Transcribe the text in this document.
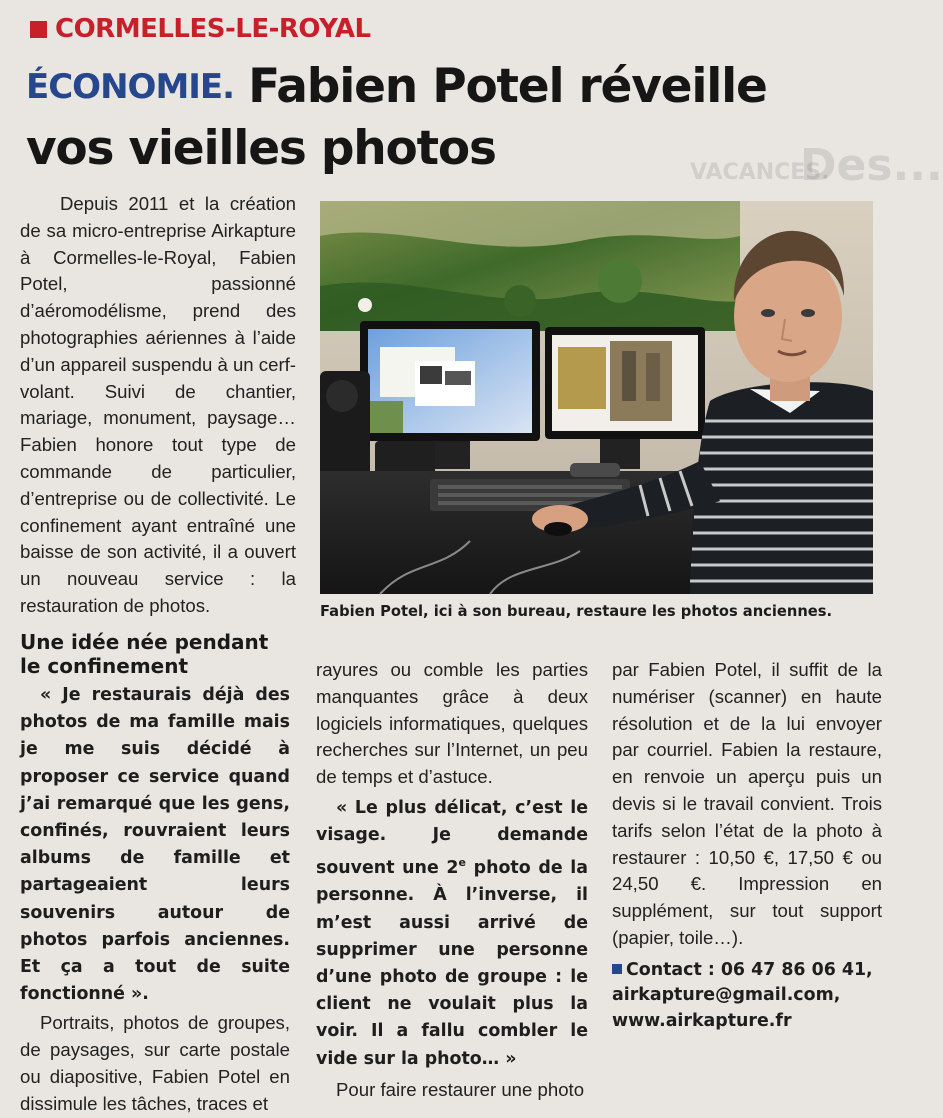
VACANCES.
Des...
CORMELLES-LE-ROYAL
ÉCONOMIE. Fabien Potel réveille
vos vieilles photos

Depuis 2011 et la création de sa micro-entreprise Airkapture à Cormelles-le-Royal, Fabien Potel, passionné d’aéromodélisme, prend des photographies aériennes à l’aide d’un appareil suspendu à un cerf-volant. Suivi de chantier, mariage, monument, paysage… Fabien honore tout type de commande de particulier, d’entreprise ou de collectivité. Le confinement ayant entraîné une baisse de son activité, il a ouvert un nouveau service : la restauration de photos.	Fabien Potel, ici à son bureau, restaure les photos anciennes.

Une idée née pendant le confinement

« Je restaurais déjà des photos de ma famille mais je me suis décidé à proposer ce service quand j’ai remarqué que les gens, confinés, rouvraient leurs albums de famille et partageaient leurs souvenirs autour de photos parfois anciennes. Et ça a tout de suite fonctionné ».

Portraits, photos de groupes, de paysages, sur carte postale ou diapositive, Fabien Potel en dissimule les tâches, traces et

rayures ou comble les parties manquantes grâce à deux logiciels informatiques, quelques recherches sur l’Internet, un peu de temps et d’astuce.

« Le plus délicat, c’est le visage. Je demande souvent une 2e photo de la personne. À l’inverse, il m’est aussi arrivé de supprimer une personne d’une photo de groupe : le client ne voulait plus la voir. Il a fallu combler le vide sur la photo… »

Pour faire restaurer une photo

par Fabien Potel, il suffit de la numériser (scanner) en haute résolution et de la lui envoyer par courriel. Fabien la restaure, en renvoie un aperçu puis un devis si le travail convient. Trois tarifs selon l’état de la photo à restaurer : 10,50 €, 17,50 € ou 24,50 €. Impression en supplément, sur tout support (papier, toile…).

Contact : 06 47 86 06 41,

airkapture@gmail.com,

www.airkapture.fr
